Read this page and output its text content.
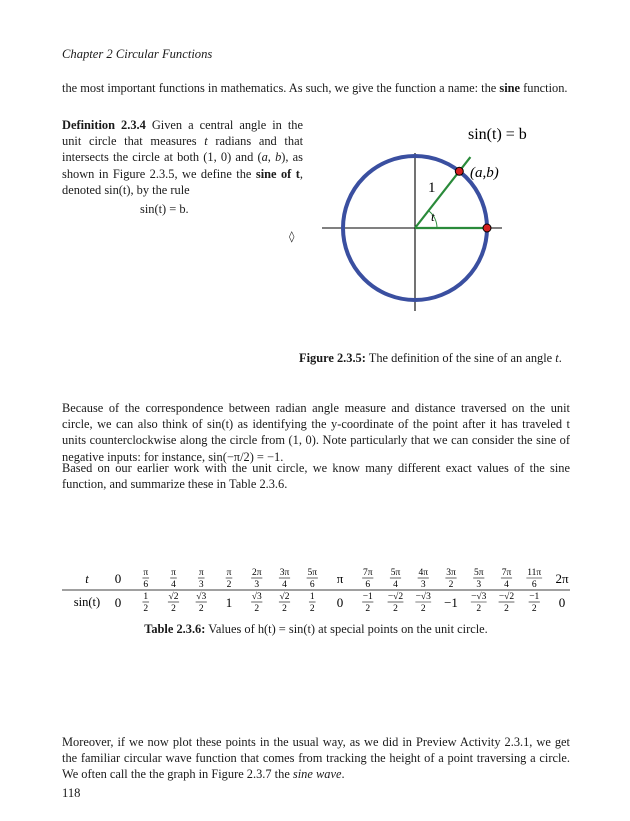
Chapter 2 Circular Functions
the most important functions in mathematics. As such, we give the function a name: the sine function.
Definition 2.3.4 Given a central angle in the unit circle that measures t radians and that intersects the circle at both (1, 0) and (a, b), as shown in Figure 2.3.5, we define the sine of t, denoted sin(t), by the rule
sin(t) = b.
◊
sin(t) = b
(a,b)
1
t
Figure 2.3.5: The definition of the sine of an angle t.
Because of the correspondence between radian angle measure and distance traversed on the unit circle, we can also think of sin(t) as identifying the y-coordinate of the point after it has traveled t units counterclockwise along the circle from (1, 0). Note particularly that we can consider the sine of negative inputs: for instance, sin(−π/2) = −1.
Based on our earlier work with the unit circle, we know many different exact values of the sine function, and summarize these in Table 2.3.6.
t
sin(t)
0 π
6
π
4
π
3
π
2
2π
3
3π
4
5π
6 π 7π
6
5π
4
4π
3
3π
2
5π
3
7π
4
11π
6 2π
0 1
2
√2
2
√3
2 1 √3
2
√2
2
1
2 0 −1
2
−√2
2
−√3
2 −1 −√3
2
−√2
2
−1
2 0
Table 2.3.6: Values of h(t) = sin(t) at special points on the unit circle.
Moreover, if we now plot these points in the usual way, as we did in Preview Activity 2.3.1, we get the familiar circular wave function that comes from tracking the height of a point traversing a circle. We often call the the graph in Figure 2.3.7 the sine wave.
118
